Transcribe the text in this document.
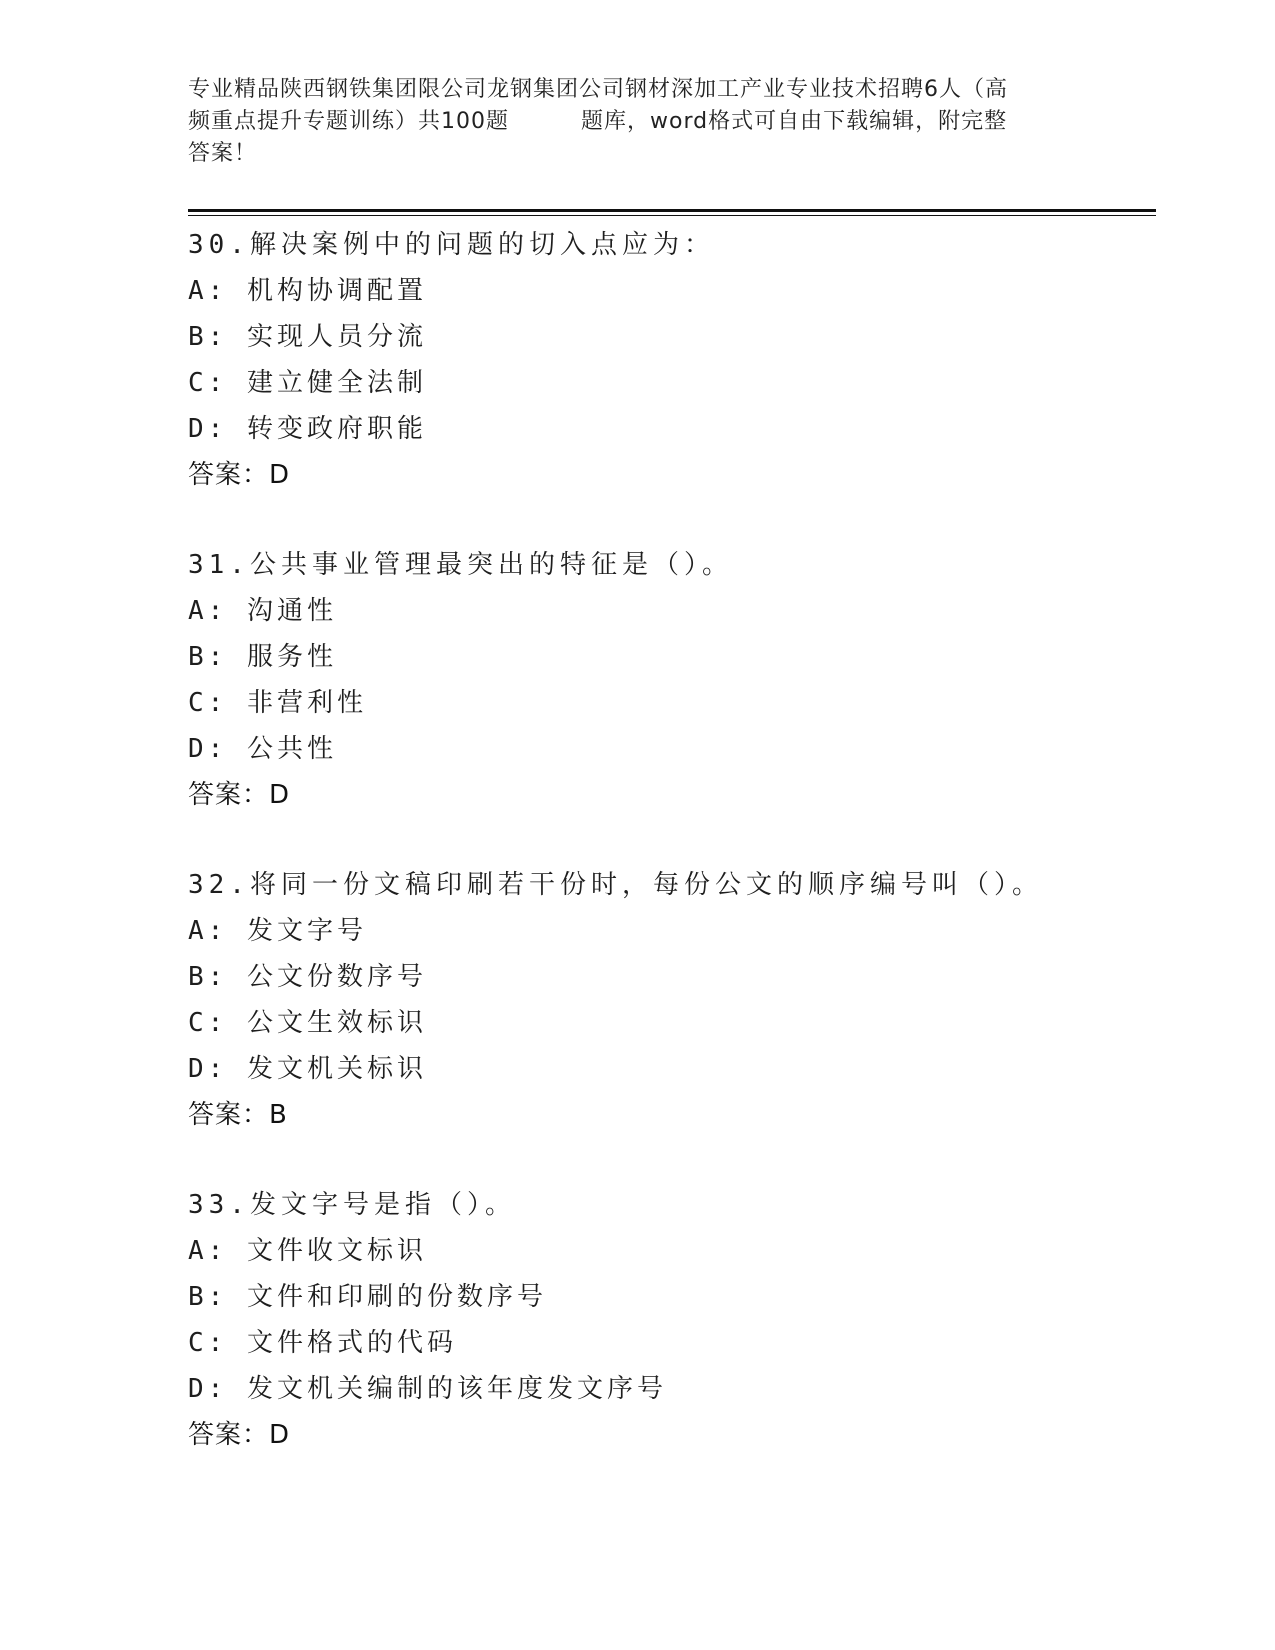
专业精品陕西钢铁集团限公司龙钢集团公司钢材深加工产业专业技术招聘6人（高
频重点提升专题训练）共100题	题库，word格式可自由下载编辑，附完整
答案！
30.解决案例中的问题的切入点应为：
A: 机构协调配置
B: 实现人员分流
C: 建立健全法制
D: 转变政府职能
答案：D
31.公共事业管理最突出的特征是（）。
A: 沟通性
B: 服务性
C: 非营利性
D: 公共性
答案：D
32.将同一份文稿印刷若干份时，每份公文的顺序编号叫（）。
A: 发文字号
B: 公文份数序号
C: 公文生效标识
D: 发文机关标识
答案：B
33.发文字号是指（）。
A: 文件收文标识
B: 文件和印刷的份数序号
C: 文件格式的代码
D: 发文机关编制的该年度发文序号
答案：D
